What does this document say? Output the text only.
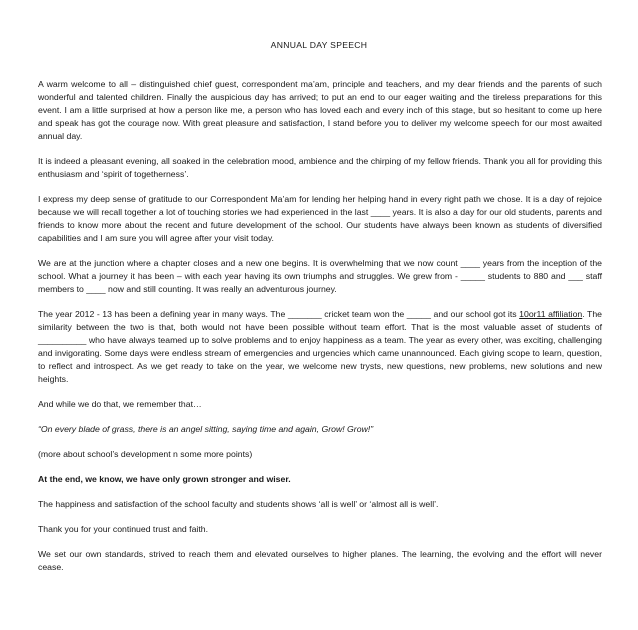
ANNUAL DAY SPEECH

A warm welcome to all – distinguished chief guest, correspondent ma’am, principle and teachers, and my dear friends and the parents of such wonderful and talented children. Finally the auspicious day has arrived; to put an end to our eager waiting and the tireless preparations for this event. I am a little surprised at how a person like me, a person who has loved each and every inch of this stage, but so hesitant to come up here and speak has got the courage now. With great pleasure and satisfaction, I stand before you to deliver my welcome speech for our most awaited annual day.

It is indeed a pleasant evening, all soaked in the celebration mood, ambience and the chirping of my fellow friends. Thank you all for providing this enthusiasm and ‘spirit of togetherness’.

I express my deep sense of gratitude to our Correspondent Ma’am for lending her helping hand in every right path we chose. It is a day of rejoice because we will recall together a lot of touching stories we had experienced in the last ____ years. It is also a day for our old students, parents and friends to know more about the recent and future development of the school. Our students have always been known as students of diversified capabilities and I am sure you will agree after your visit today.

We are at the junction where a chapter closes and a new one begins. It is overwhelming that we now count ____ years from the inception of the school. What a journey it has been – with each year having its own triumphs and struggles. We grew from - _____ students to 880 and ___ staff members to ____ now and still counting. It was really an adventurous journey.

The year 2012 - 13 has been a defining year in many ways. The _______ cricket team won the _____ and our school got its 10or11 affiliation. The similarity between the two is that, both would not have been possible without team effort. That is the most valuable asset of students of __________ who have always teamed up to solve problems and to enjoy happiness as a team. The year as every other, was exciting, challenging and invigorating. Some days were endless stream of emergencies and urgencies which came unannounced. Each giving scope to learn, question, to reflect and introspect. As we get ready to take on the year, we welcome new trysts, new questions, new problems, new solutions and new heights.

And while we do that, we remember that…

“On every blade of grass, there is an angel sitting, saying time and again, Grow! Grow!”

(more about school’s development n some more points)

At the end, we know, we have only grown stronger and wiser.

The happiness and satisfaction of the school faculty and students shows ‘all is well’ or ‘almost all is well’.

Thank you for your continued trust and faith.

We set our own standards, strived to reach them and elevated ourselves to higher planes. The learning, the evolving and the effort will never cease.
